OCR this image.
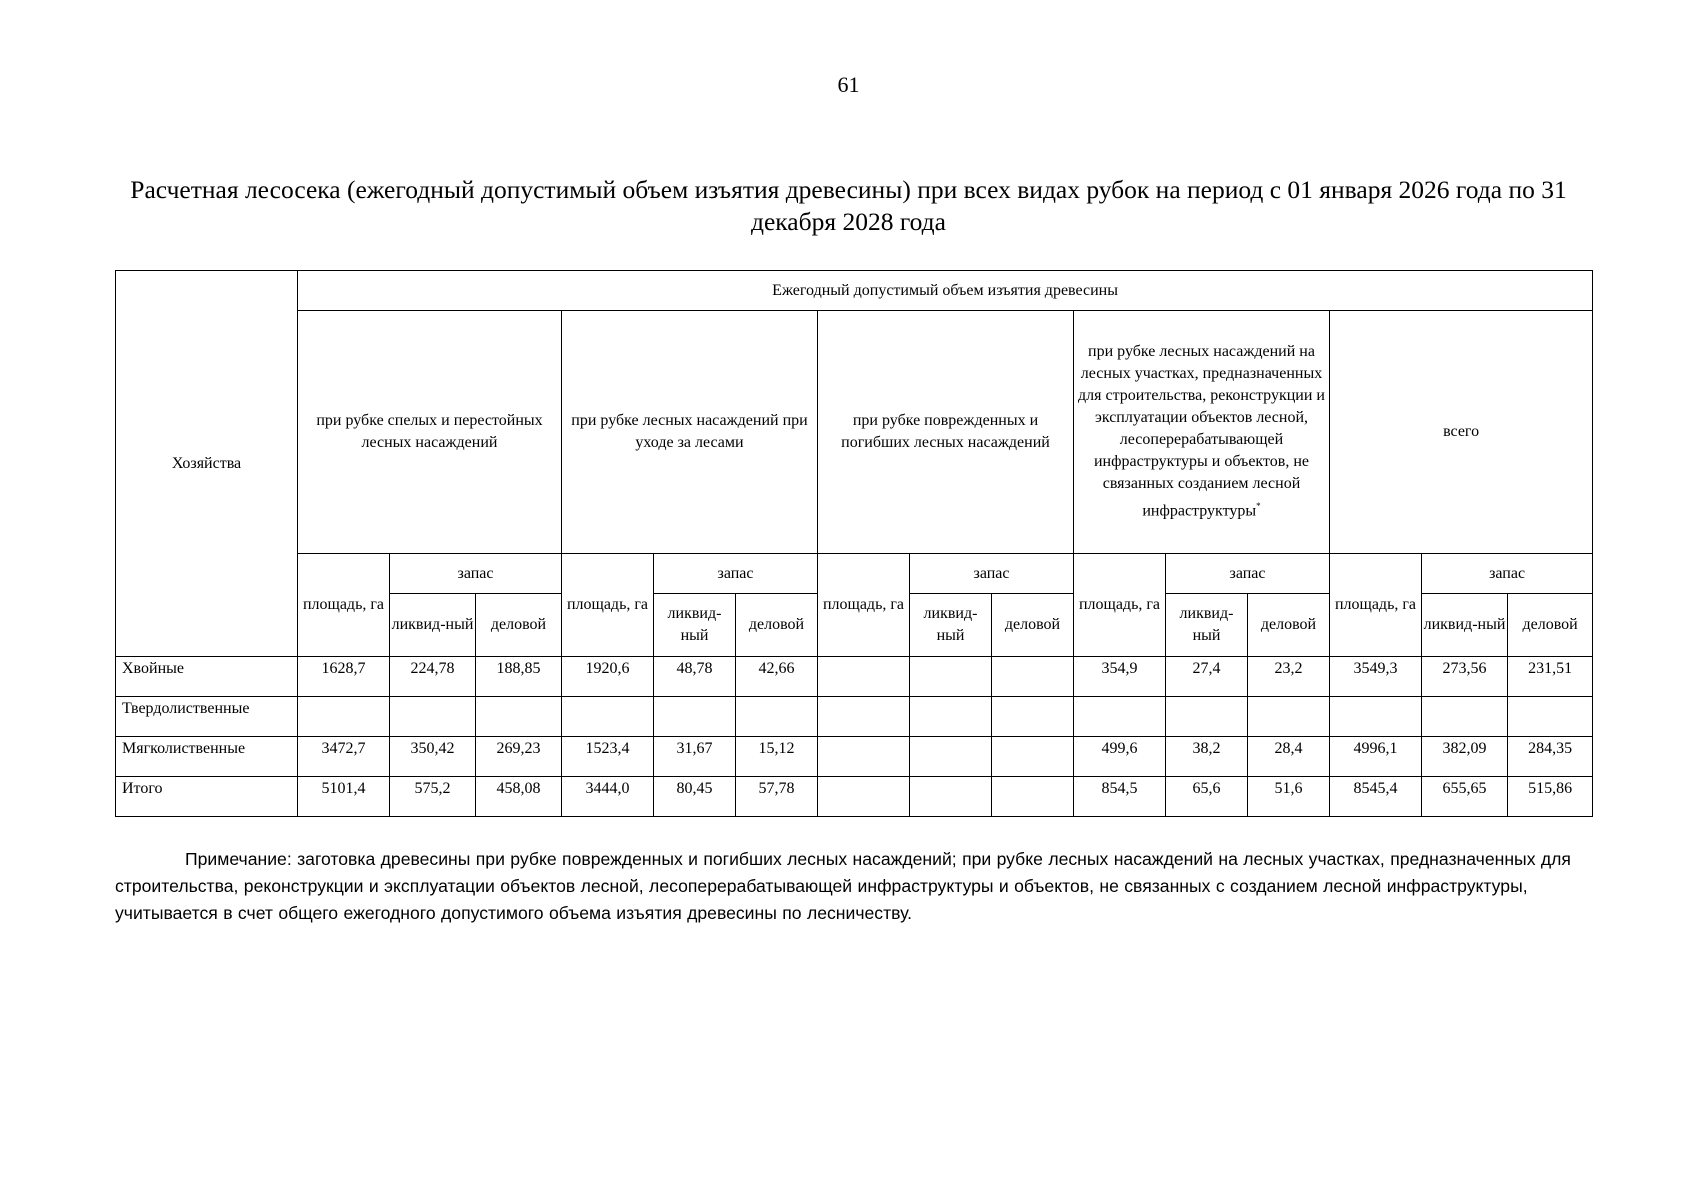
61
Расчетная лесосека (ежегодный допустимый объем изъятия древесины) при всех видах рубок на период с 01 января 2026 года по 31 декабря 2028 года
Хозяйства	Ежегодный допустимый объем изъятия древесины														
	при рубке спелых и перестойных лесных насаждений			при рубке лесных насаждений при уходе за лесами			при рубке поврежденных и погибших лесных насаждений			при рубке лесных насаждений на лесных участках, предназначенных для строительства, реконструкции и эксплуатации объектов лесной, лесоперерабатывающей инфраструктуры и объектов, не связанных созданием лесной инфраструктуры*			всего		
	площадь, га	запас		площадь, га	запас		площадь, га	запас		площадь, га	запас		площадь, га	запас	
		ликвид-ный	деловой		ликвид-ный	деловой		ликвид-ный	деловой		ликвид-ный	деловой		ликвид-ный	деловой
Хвойные	1628,7	224,78	188,85	1920,6	48,78	42,66				354,9	27,4	23,2	3549,3	273,56	231,51
Твердолиственные															
Мягколиственные	3472,7	350,42	269,23	1523,4	31,67	15,12				499,6	38,2	28,4	4996,1	382,09	284,35
Итого	5101,4	575,2	458,08	3444,0	80,45	57,78				854,5	65,6	51,6	8545,4	655,65	515,86
Примечание: заготовка древесины при рубке поврежденных и погибших лесных насаждений; при рубке лесных насаждений на лесных участках, предназначенных для строительства, реконструкции и эксплуатации объектов лесной, лесоперерабатывающей инфраструктуры и объектов, не связанных с созданием лесной инфраструктуры, учитывается в счет общего ежегодного допустимого объема изъятия древесины по лесничеству.
